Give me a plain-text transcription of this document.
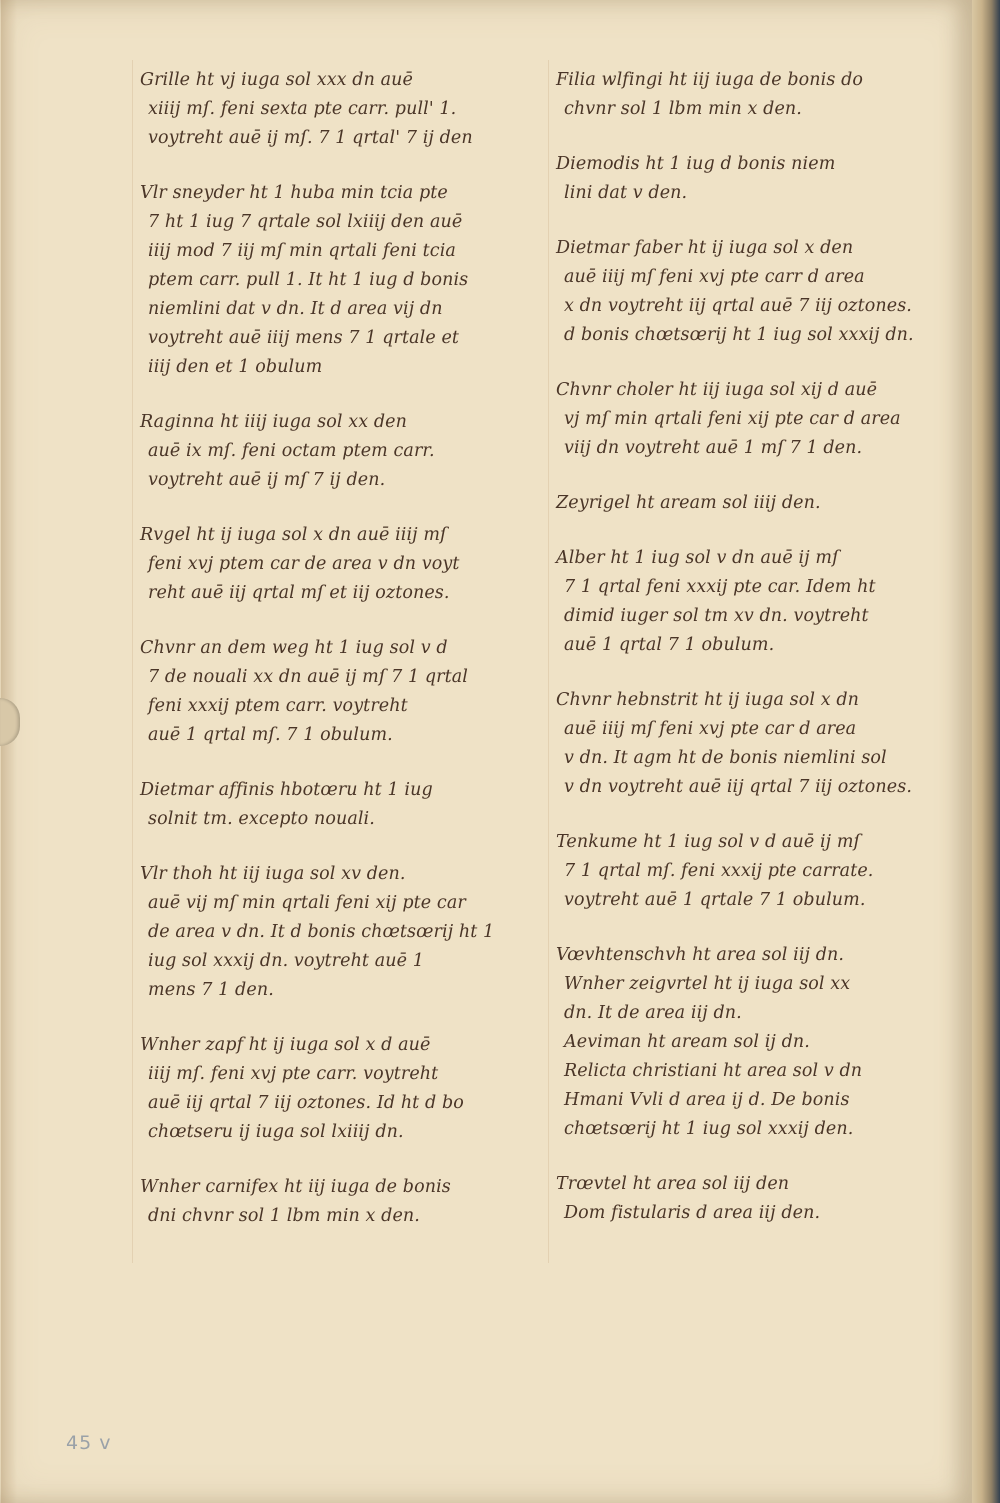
Grille ht vj iuga sol xxx dn auē
xiiij mſ. feni sexta pte carr. pull' 1.
voytreht auē ij mſ. 7 1 qrtal' 7 ij den
Vlr sneyder ht 1 huba min tcia pte
7 ht 1 iug 7 qrtale sol lxiiij den auē
iiij mod 7 iij mſ min qrtali feni tcia
ptem carr. pull 1. It ht 1 iug d bonis
niemlini dat v dn. It d area vij dn
voytreht auē iiij mens 7 1 qrtale et
iiij den et 1 obulum
Raginna ht iiij iuga sol xx den
auē ix mſ. feni octam ptem carr.
voytreht auē ij mſ 7 ij den.
Rvgel ht ij iuga sol x dn auē iiij mſ
feni xvj ptem car de area v dn voyt
reht auē iij qrtal mſ et iij oztones.
Chvnr an dem weg ht 1 iug sol v d
7 de nouali xx dn auē ij mſ 7 1 qrtal
feni xxxij ptem carr. voytreht
auē 1 qrtal mſ. 7 1 obulum.
Dietmar affinis hbotœru ht 1 iug
solnit tm. excepto nouali.
Vlr thoh ht iij iuga sol xv den.
auē vij mſ min qrtali feni xij pte car
de area v dn. It d bonis chœtsœrij ht 1
iug sol xxxij dn. voytreht auē 1
mens 7 1 den.
Wnher zapf ht ij iuga sol x d auē
iiij mſ. feni xvj pte carr. voytreht
auē iij qrtal 7 iij oztones. Id ht d bo
chœtseru ij iuga sol lxiiij dn.
Wnher carnifex ht iij iuga de bonis
dni chvnr sol 1 lbm min x den.
Filia wlfingi ht iij iuga de bonis do
chvnr sol 1 lbm min x den.
Diemodis ht 1 iug d bonis niem
lini dat v den.
Dietmar faber ht ij iuga sol x den
auē iiij mſ feni xvj pte carr d area
x dn voytreht iij qrtal auē 7 iij oztones.
d bonis chœtsœrij ht 1 iug sol xxxij dn.
Chvnr choler ht iij iuga sol xij d auē
vj mſ min qrtali feni xij pte car d area
viij dn voytreht auē 1 mſ 7 1 den.
Zeyrigel ht aream sol iiij den.
Alber ht 1 iug sol v dn auē ij mſ
7 1 qrtal feni xxxij pte car. Idem ht
dimid iuger sol tm xv dn. voytreht
auē 1 qrtal 7 1 obulum.
Chvnr hebnstrit ht ij iuga sol x dn
auē iiij mſ feni xvj pte car d area
v dn. It agm ht de bonis niemlini sol
v dn voytreht auē iij qrtal 7 iij oztones.
Tenkume ht 1 iug sol v d auē ij mſ
7 1 qrtal mſ. feni xxxij pte carrate.
voytreht auē 1 qrtale 7 1 obulum.
Vœvhtenschvh ht area sol iij dn.
Wnher zeigvrtel ht ij iuga sol xx
dn. It de area iij dn.
Aeviman ht aream sol ij dn.
Relicta christiani ht area sol v dn
Hmani Vvli d area ij d. De bonis
chœtsœrij ht 1 iug sol xxxij den.
Trœvtel ht area sol iij den
Dom fistularis d area iij den.
45 v
